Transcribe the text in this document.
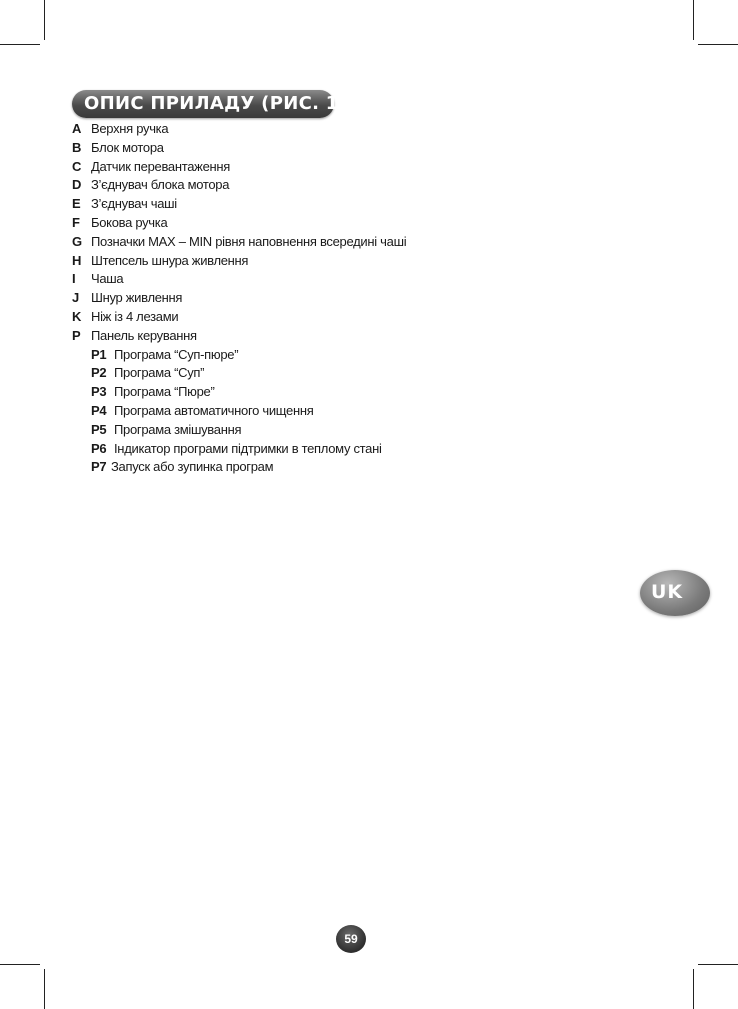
ОПИС ПРИЛАДУ (РИС. 1)
A Верхня ручка
B Блок мотора
C Датчик перевантаження
D З’єднувач блока мотора
E З’єднувач чаші
F Бокова ручка
G Позначки MAX – MIN рівня наповнення всередині чаші
H Штепсель шнура живлення
I	Чаша
J Шнур живлення
K Ніж із 4 лезами
P Панель керування
P1 Програма “Суп-пюре”
P2 Програма “Суп”
P3 Програма “Пюре”
P4 Програма автоматичного чищення
P5 Програма змішування
P6 Індикатор програми підтримки в теплому стані
P7 Запуск або зупинка програм
UK
59
